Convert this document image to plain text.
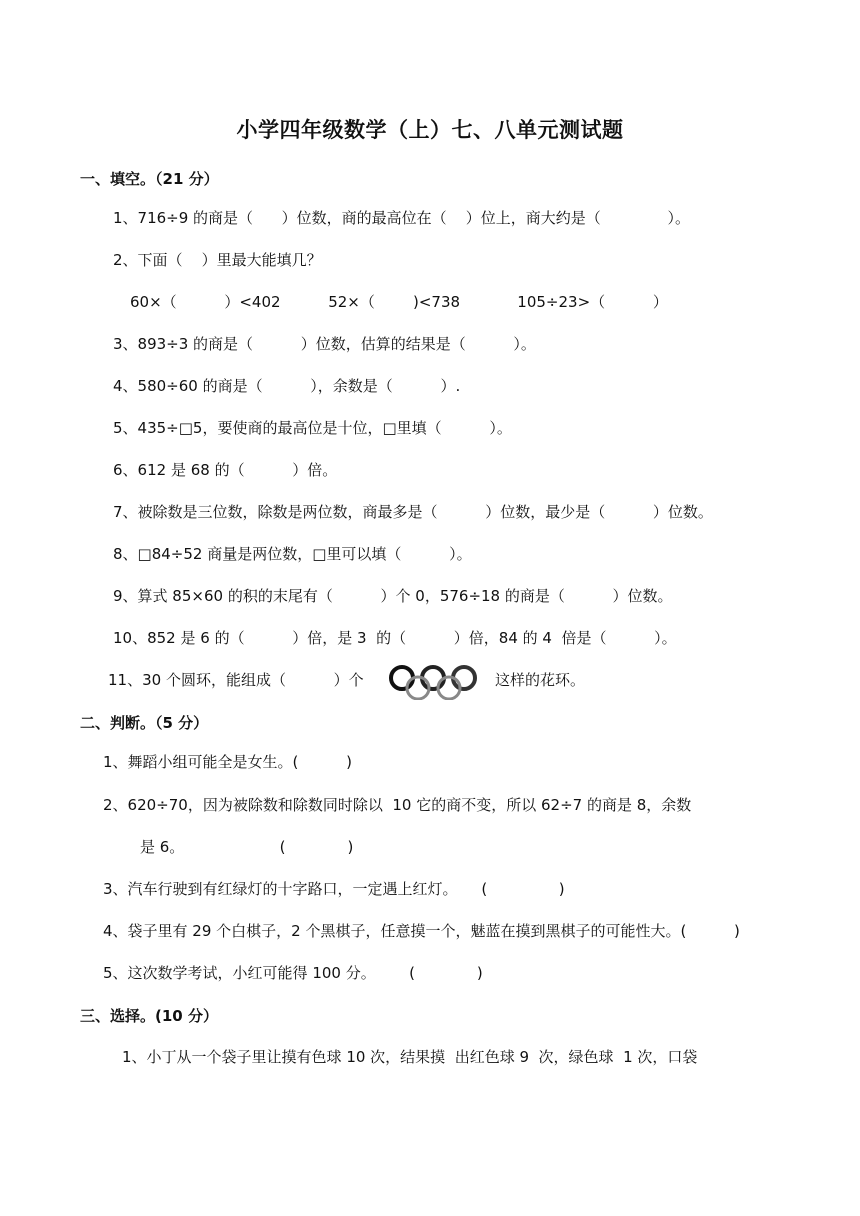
小学四年级数学（上）七、八单元测试题
一、填空。（21 分）
1、716÷9 的商是（      ）位数，商的最高位在（    ）位上，商大约是（              ）。
2、下面（    ）里最大能填几？
60×（          ）<402          52×（        )<738            105÷23>（          ）
3、893÷3 的商是（          ）位数，估算的结果是（          ）。
4、580÷60 的商是（          ），余数是（          ）.
5、435÷□5，要使商的最高位是十位，□里填（          ）。
6、612 是 68 的（          ）倍。
7、被除数是三位数，除数是两位数，商最多是（          ）位数，最少是（          ）位数。
8、□84÷52 商量是两位数，□里可以填（          ）。
9、算式 85×60 的积的末尾有（          ）个 0，576÷18 的商是（          ）位数。
10、852 是 6 的（          ）倍，是 3  的（          ）倍，84 的 4  倍是（          ）。
11、30 个圆环，能组成（          ）个	这样的花环。
二、判断。（5 分）
1、舞蹈小组可能全是女生。(          )
2、620÷70，因为被除数和除数同时除以  10 它的商不变，所以 62÷7 的商是 8，余数
是 6。                    (             )
3、汽车行驶到有红绿灯的十字路口，一定遇上红灯。     (               )
4、袋子里有 29 个白棋子，2 个黑棋子，任意摸一个，魅蓝在摸到黑棋子的可能性大。(          )
5、这次数学考试，小红可能得 100 分。       (             )
三、选择。(10 分）
1、小丁从一个袋子里让摸有色球 10 次，结果摸  出红色球 9  次，绿色球  1 次，口袋
